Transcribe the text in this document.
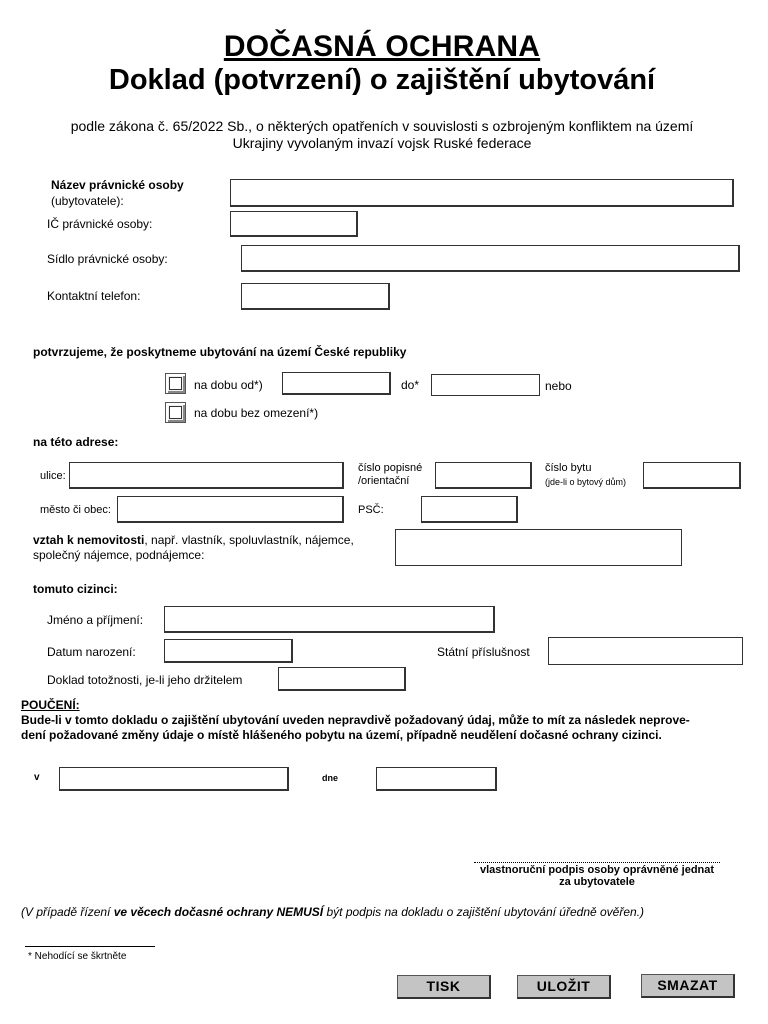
DOČASNÁ OCHRANA
Doklad (potvrzení) o zajištění ubytování
podle zákona č. 65/2022 Sb., o některých opatřeních v souvislosti s ozbrojeným konfliktem na území
Ukrajiny vyvolaným invazí vojsk Ruské federace
Název právnické osoby
(ubytovatele):
IČ právnické osoby:
Sídlo právnické osoby:
Kontaktní telefon:
potvrzujeme, že poskytneme ubytování na území České republiky
na dobu od*)	do*	nebo
na dobu bez omezení*)
na této adrese:
ulice:
číslo popisné
/orientační
číslo bytu
(jde-li o bytový dům)
město či obec:	PSČ:
vztah k nemovitosti, např. vlastník, spoluvlastník, nájemce,
společný nájemce, podnájemce:
tomuto cizinci:
Jméno a příjmení:
Datum narození:	Státní příslušnost
Doklad totožnosti, je-li jeho držitelem
POUČENÍ:
Bude-li v tomto dokladu o zajištění ubytování uveden nepravdivě požadovaný údaj, může to mít za následek neprove-
dení požadované změny údaje o místě hlášeného pobytu na území, případně neudělení dočasné ochrany cizinci.
v	dne
vlastnoruční podpis osoby oprávněné jednat
za ubytovatele
(V případě řízení ve věcech dočasné ochrany NEMUSÍ být podpis na dokladu o zajištění ubytování úředně ověřen.)
* Nehodící se škrtněte
TISK	ULOŽIT	SMAZAT
